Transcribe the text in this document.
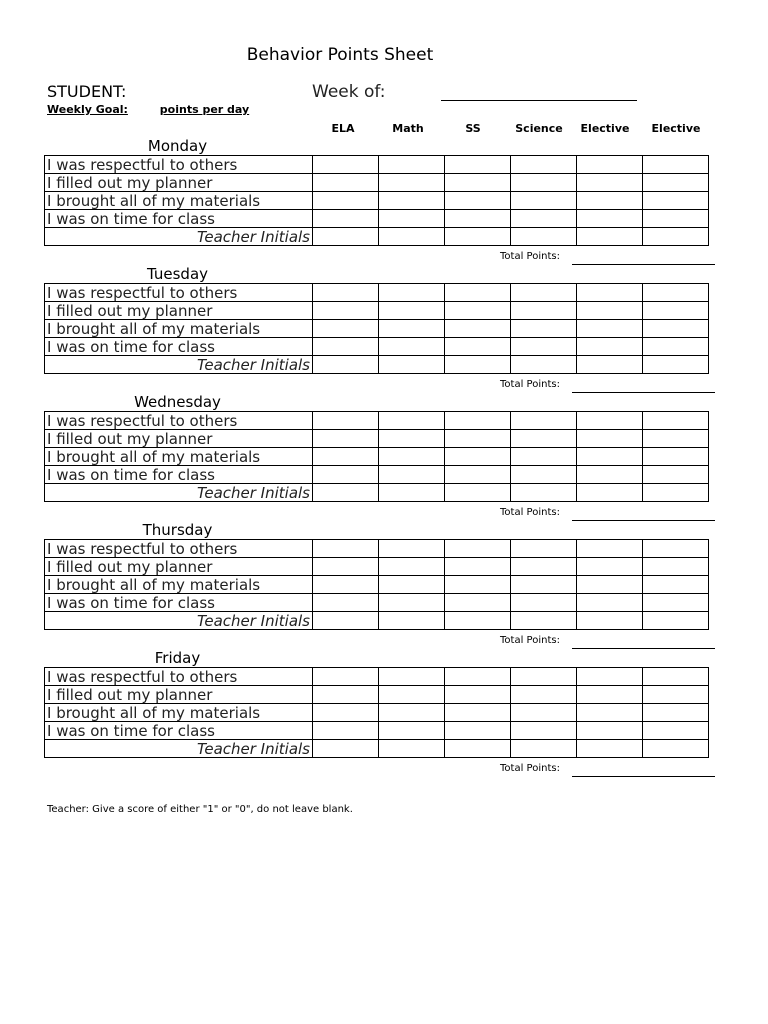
Behavior Points Sheet
STUDENT:	Week of:
Weekly Goal:	points per day
ELA	Math	SS	Science	Elective	Elective
Monday
I was respectful to others						
I filled out my planner						
I brought all of my materials						
I was on time for class						
Teacher Initials						
Total Points:
Tuesday
I was respectful to others						
I filled out my planner						
I brought all of my materials						
I was on time for class						
Teacher Initials						
Total Points:
Wednesday
I was respectful to others						
I filled out my planner						
I brought all of my materials						
I was on time for class						
Teacher Initials						
Total Points:
Thursday
I was respectful to others						
I filled out my planner						
I brought all of my materials						
I was on time for class						
Teacher Initials						
Total Points:
Friday
I was respectful to others						
I filled out my planner						
I brought all of my materials						
I was on time for class						
Teacher Initials						
Total Points:
Teacher: Give a score of either "1" or "0", do not leave blank.
